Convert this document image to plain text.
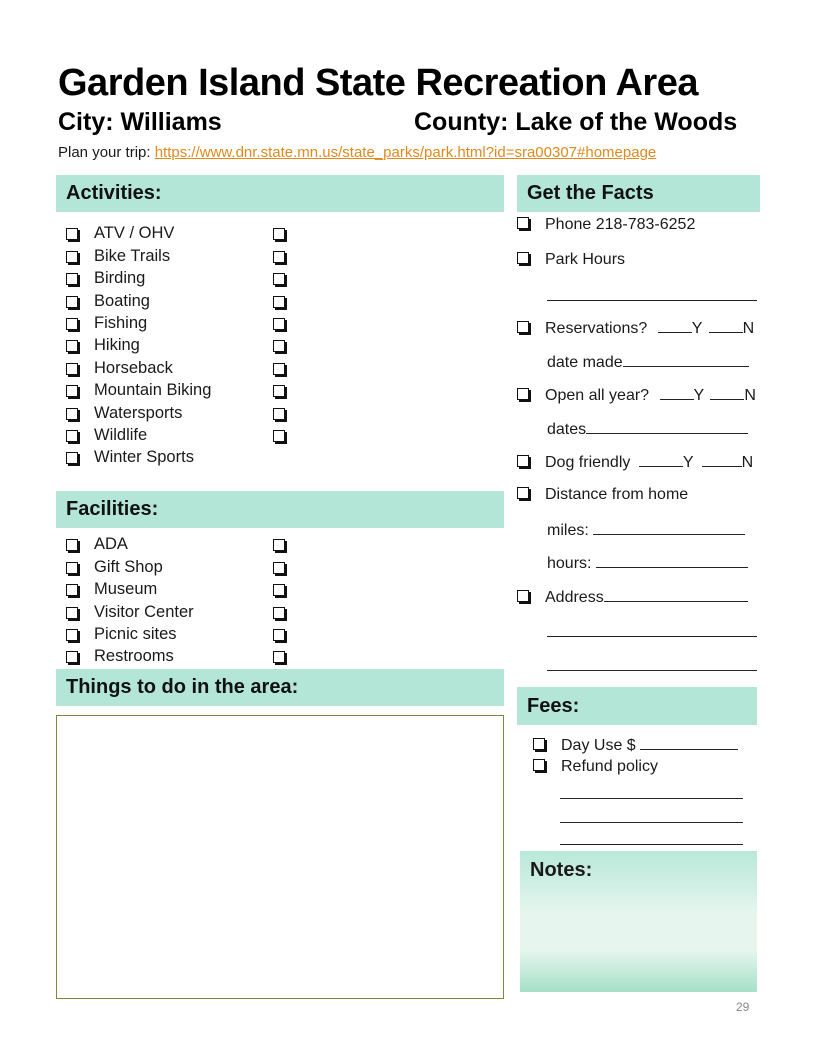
Garden Island State Recreation Area
City: Williams	County: Lake of the Woods
Plan your trip: https://www.dnr.state.mn.us/state_parks/park.html?id=sra00307#homepage
Activities:
ATV / OHV
Bike Trails
Birding
Boating
Fishing
Hiking
Horseback
Mountain Biking
Watersports
Wildlife
Winter Sports
Facilities:
ADA
Gift Shop
Museum
Visitor Center
Picnic sites
Restrooms
Things to do in the area:
Get the Facts
Phone 218-783-6252
Park Hours
Reservations?	Y	N
date made
Open all year?	Y	N
dates
Dog friendly	Y	N
Distance from home
miles:
hours:
Address
Fees:
Day Use $
Refund policy
Notes:
29
